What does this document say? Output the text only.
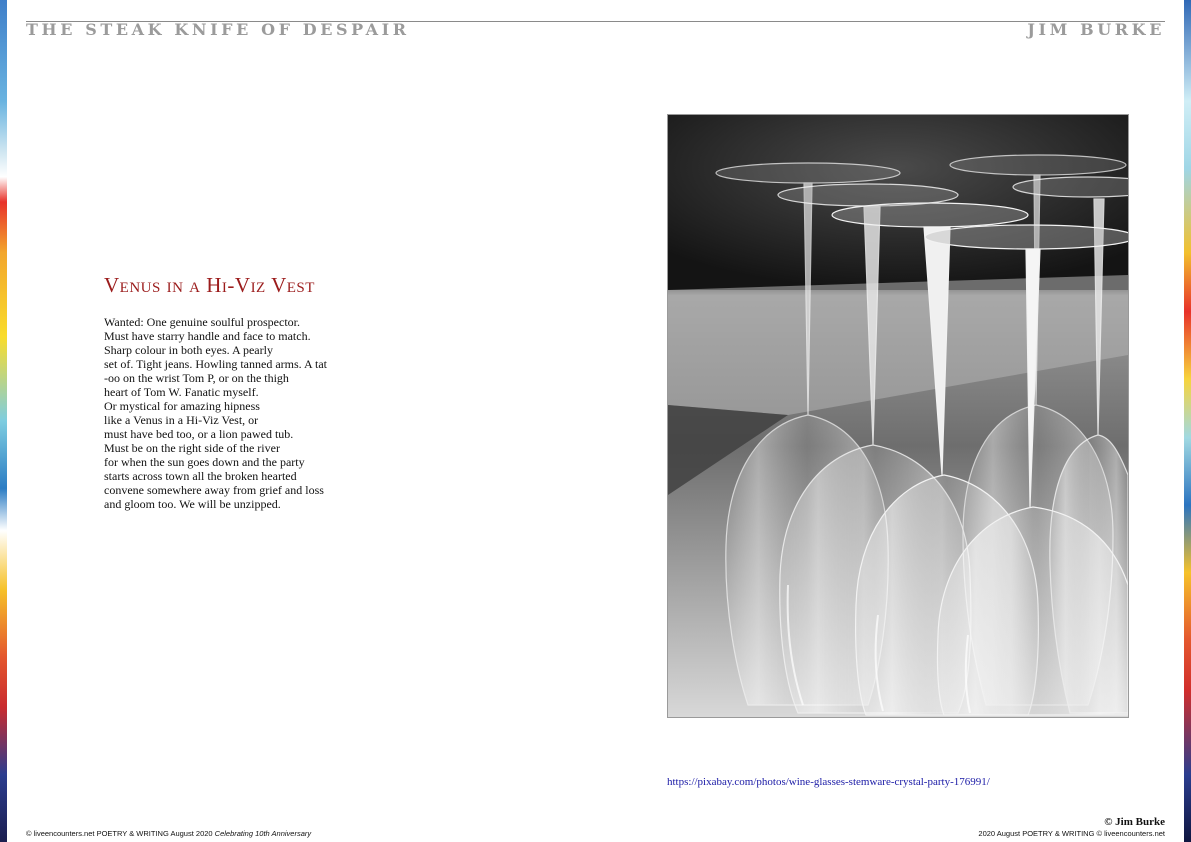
THE STEAK KNIFE OF DESPAIR	JIM BURKE
Venus in a Hi-Viz Vest
Wanted: One genuine soulful prospector.
Must have starry handle and face to match.
Sharp colour in both eyes. A pearly
set of. Tight jeans. Howling tanned arms. A tat
-oo on the wrist Tom P, or on the thigh
heart of Tom W. Fanatic myself.
Or mystical for amazing hipness
like a Venus in a Hi-Viz Vest, or
must have bed too, or a lion pawed tub.
Must be on the right side of the river
for when the sun goes down and the party
starts across town all the broken hearted
convene somewhere away from grief and loss
and gloom too. We will be unzipped.
https://pixabay.com/photos/wine-glasses-stemware-crystal-party-176991/
© Jim Burke
© liveencounters.net POETRY & WRITING August 2020 Celebrating 10th Anniversary	2020 August POETRY & WRITING © liveencounters.net
